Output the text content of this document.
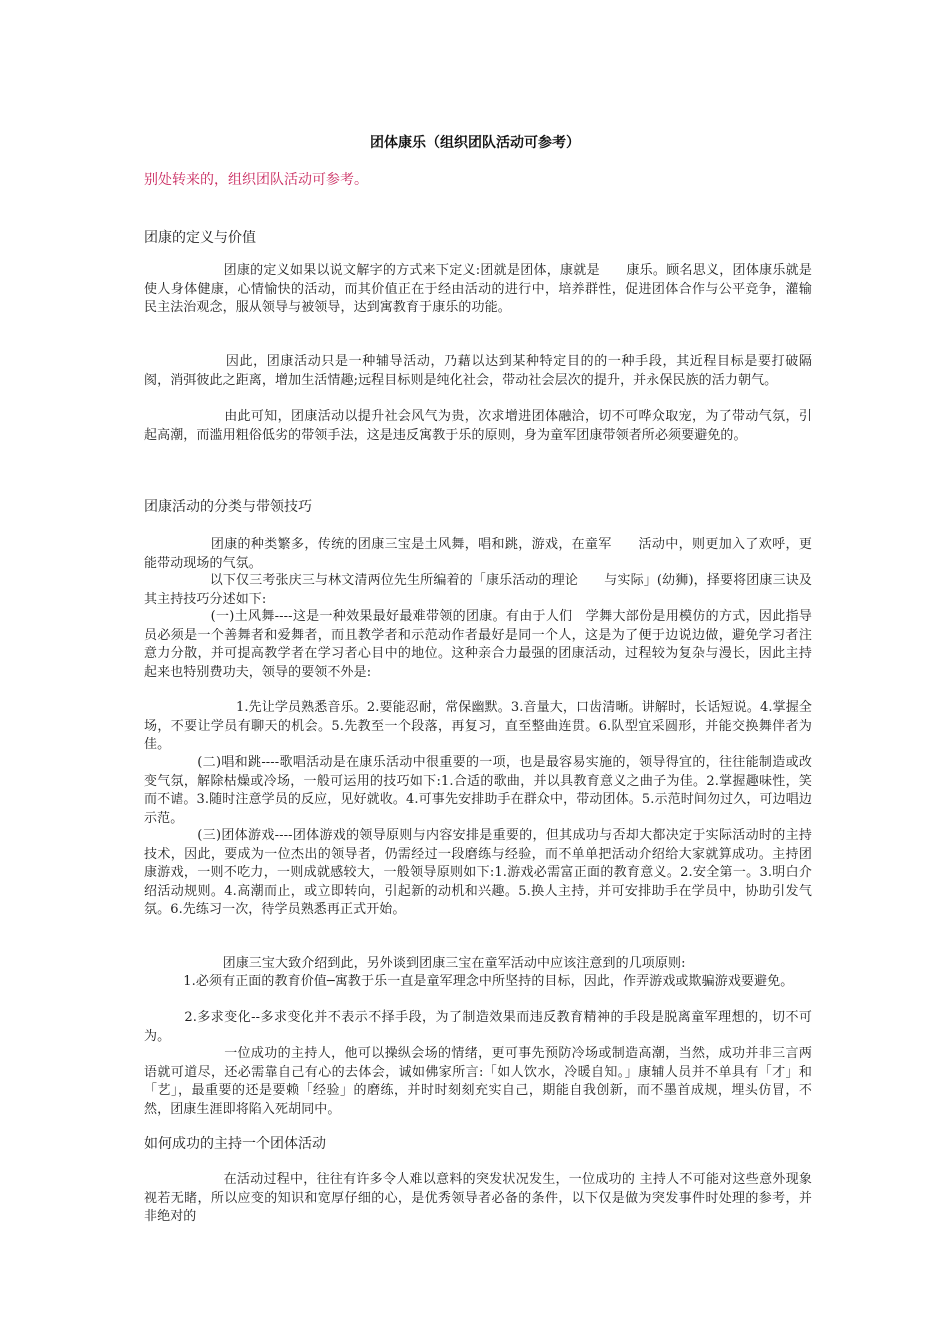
团体康乐（组织团队活动可参考）
别处转来的，组织团队活动可参考。
团康的定义与价值
　　　　　　团康的定义如果以说文解字的方式来下定义:团就是团体，康就是　　康乐。顾名思义，团体康乐就是使人身体健康，心情愉快的活动，而其价值正在于经由活动的进行中，培养群性，促进团体合作与公平竞争，灌输民主法治观念，服从领导与被领导，达到寓教育于康乐的功能。
　　　　　　因此，团康活动只是一种辅导活动，乃藉以达到某种特定目的的一种手段，其近程目标是要打破隔阂，消弭彼此之距离，增加生活情趣;远程目标则是纯化社会，带动社会层次的提升，并永保民族的活力朝气。
　　　　　　由此可知，团康活动以提升社会风气为贵，次求增进团体融洽，切不可哗众取宠，为了带动气氛，引起高潮，而滥用粗俗低劣的带领手法，这是违反寓教于乐的原则，身为童军团康带领者所必须要避免的。
团康活动的分类与带领技巧
　　　　　团康的种类繁多，传统的团康三宝是土风舞，唱和跳，游戏，在童军　　活动中，则更加入了欢呼，更能带动现场的气氛。
　　　　　以下仅三考张庆三与林文清两位先生所编着的「康乐活动的理论　　与实际」(幼狮)，择要将团康三诀及其主持技巧分述如下:
　　　　　(一)土风舞----这是一种效果最好最难带领的团康。有由于人们　学舞大部份是用模仿的方式，因此指导员必须是一个善舞者和爱舞者，而且教学者和示范动作者最好是同一个人，这是为了便于边说边做，避免学习者注意力分散，并可提高教学者在学习者心目中的地位。这种亲合力最强的团康活动，过程较为复杂与漫长，因此主持起来也特别费功夫，领导的要领不外是:
　　　　　　　1.先让学员熟悉音乐。2.要能忍耐，常保幽默。3.音量大，口齿清晰。讲解时，长话短说。4.掌握全场，不要让学员有聊天的机会。5.先教至一个段落，再复习，直至整曲连贯。6.队型宜采圆形，并能交换舞伴者为佳。
　　　　(二)唱和跳----歌唱活动是在康乐活动中很重要的一项，也是最容易实施的，领导得宜的，往往能制造或改变气氛，解除枯燥或冷场，一般可运用的技巧如下:1.合适的歌曲，并以具教育意义之曲子为佳。2.掌握趣味性，笑而不谑。3.随时注意学员的反应，见好就收。4.可事先安排助手在群众中，带动团体。5.示范时间勿过久，可边唱边示范。
　　　　(三)团体游戏----团体游戏的领导原则与内容安排是重要的，但其成功与否却大都决定于实际活动时的主持技术，因此，要成为一位杰出的领导者，仍需经过一段磨练与经验，而不单单把活动介绍给大家就算成功。主持团康游戏，一则不吃力，一则成就感较大，一般领导原则如下:1.游戏必需富正面的教育意义。2.安全第一。3.明白介绍活动规则。4.高潮而止，或立即转向，引起新的动机和兴趣。5.换人主持，并可安排助手在学员中，协助引发气氛。6.先练习一次，待学员熟悉再正式开始。
　　　　　　团康三宝大致介绍到此，另外谈到团康三宝在童军活动中应该注意到的几项原则:
　　　1.必须有正面的教育价值─寓教于乐一直是童军理念中所坚持的目标，因此，作弄游戏或欺骗游戏要避免。
　　　2.多求变化--多求变化并不表示不择手段，为了制造效果而违反教育精神的手段是脱离童军理想的，切不可为。
　　　　　　一位成功的主持人，他可以操纵会场的情绪，更可事先预防冷场或制造高潮，当然，成功并非三言两语就可道尽，还必需靠自己有心的去体会，诚如佛家所言:「如人饮水，冷暖自知。」康辅人员并不单具有「才」和「艺」，最重要的还是要赖「经验」的磨练，并时时刻刻充实自己，期能自我创新，而不墨首成规，埋头仿冒，不然，团康生涯即将陷入死胡同中。
如何成功的主持一个团体活动
　　　　　　在活动过程中，往往有许多令人难以意料的突发状况发生，一位成功的 主持人不可能对这些意外现象视若无睹，所以应变的知识和宽厚仔细的心，是优秀领导者必备的条件，以下仅是做为突发事件时处理的参考，并非绝对的
